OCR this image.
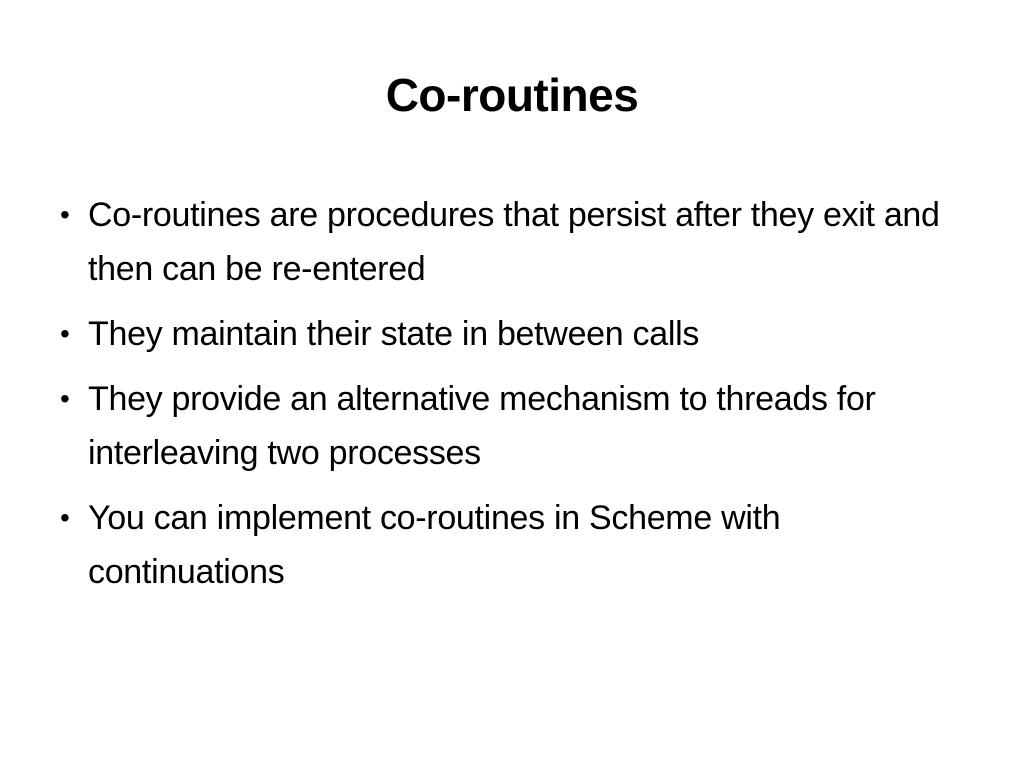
Co-routines
• Co-routines are procedures that persist after they exit and then can be re-entered
• They maintain their state in between calls
• They provide an alternative mechanism to threads for interleaving two processes
• You can implement co-routines in Scheme with continuations
